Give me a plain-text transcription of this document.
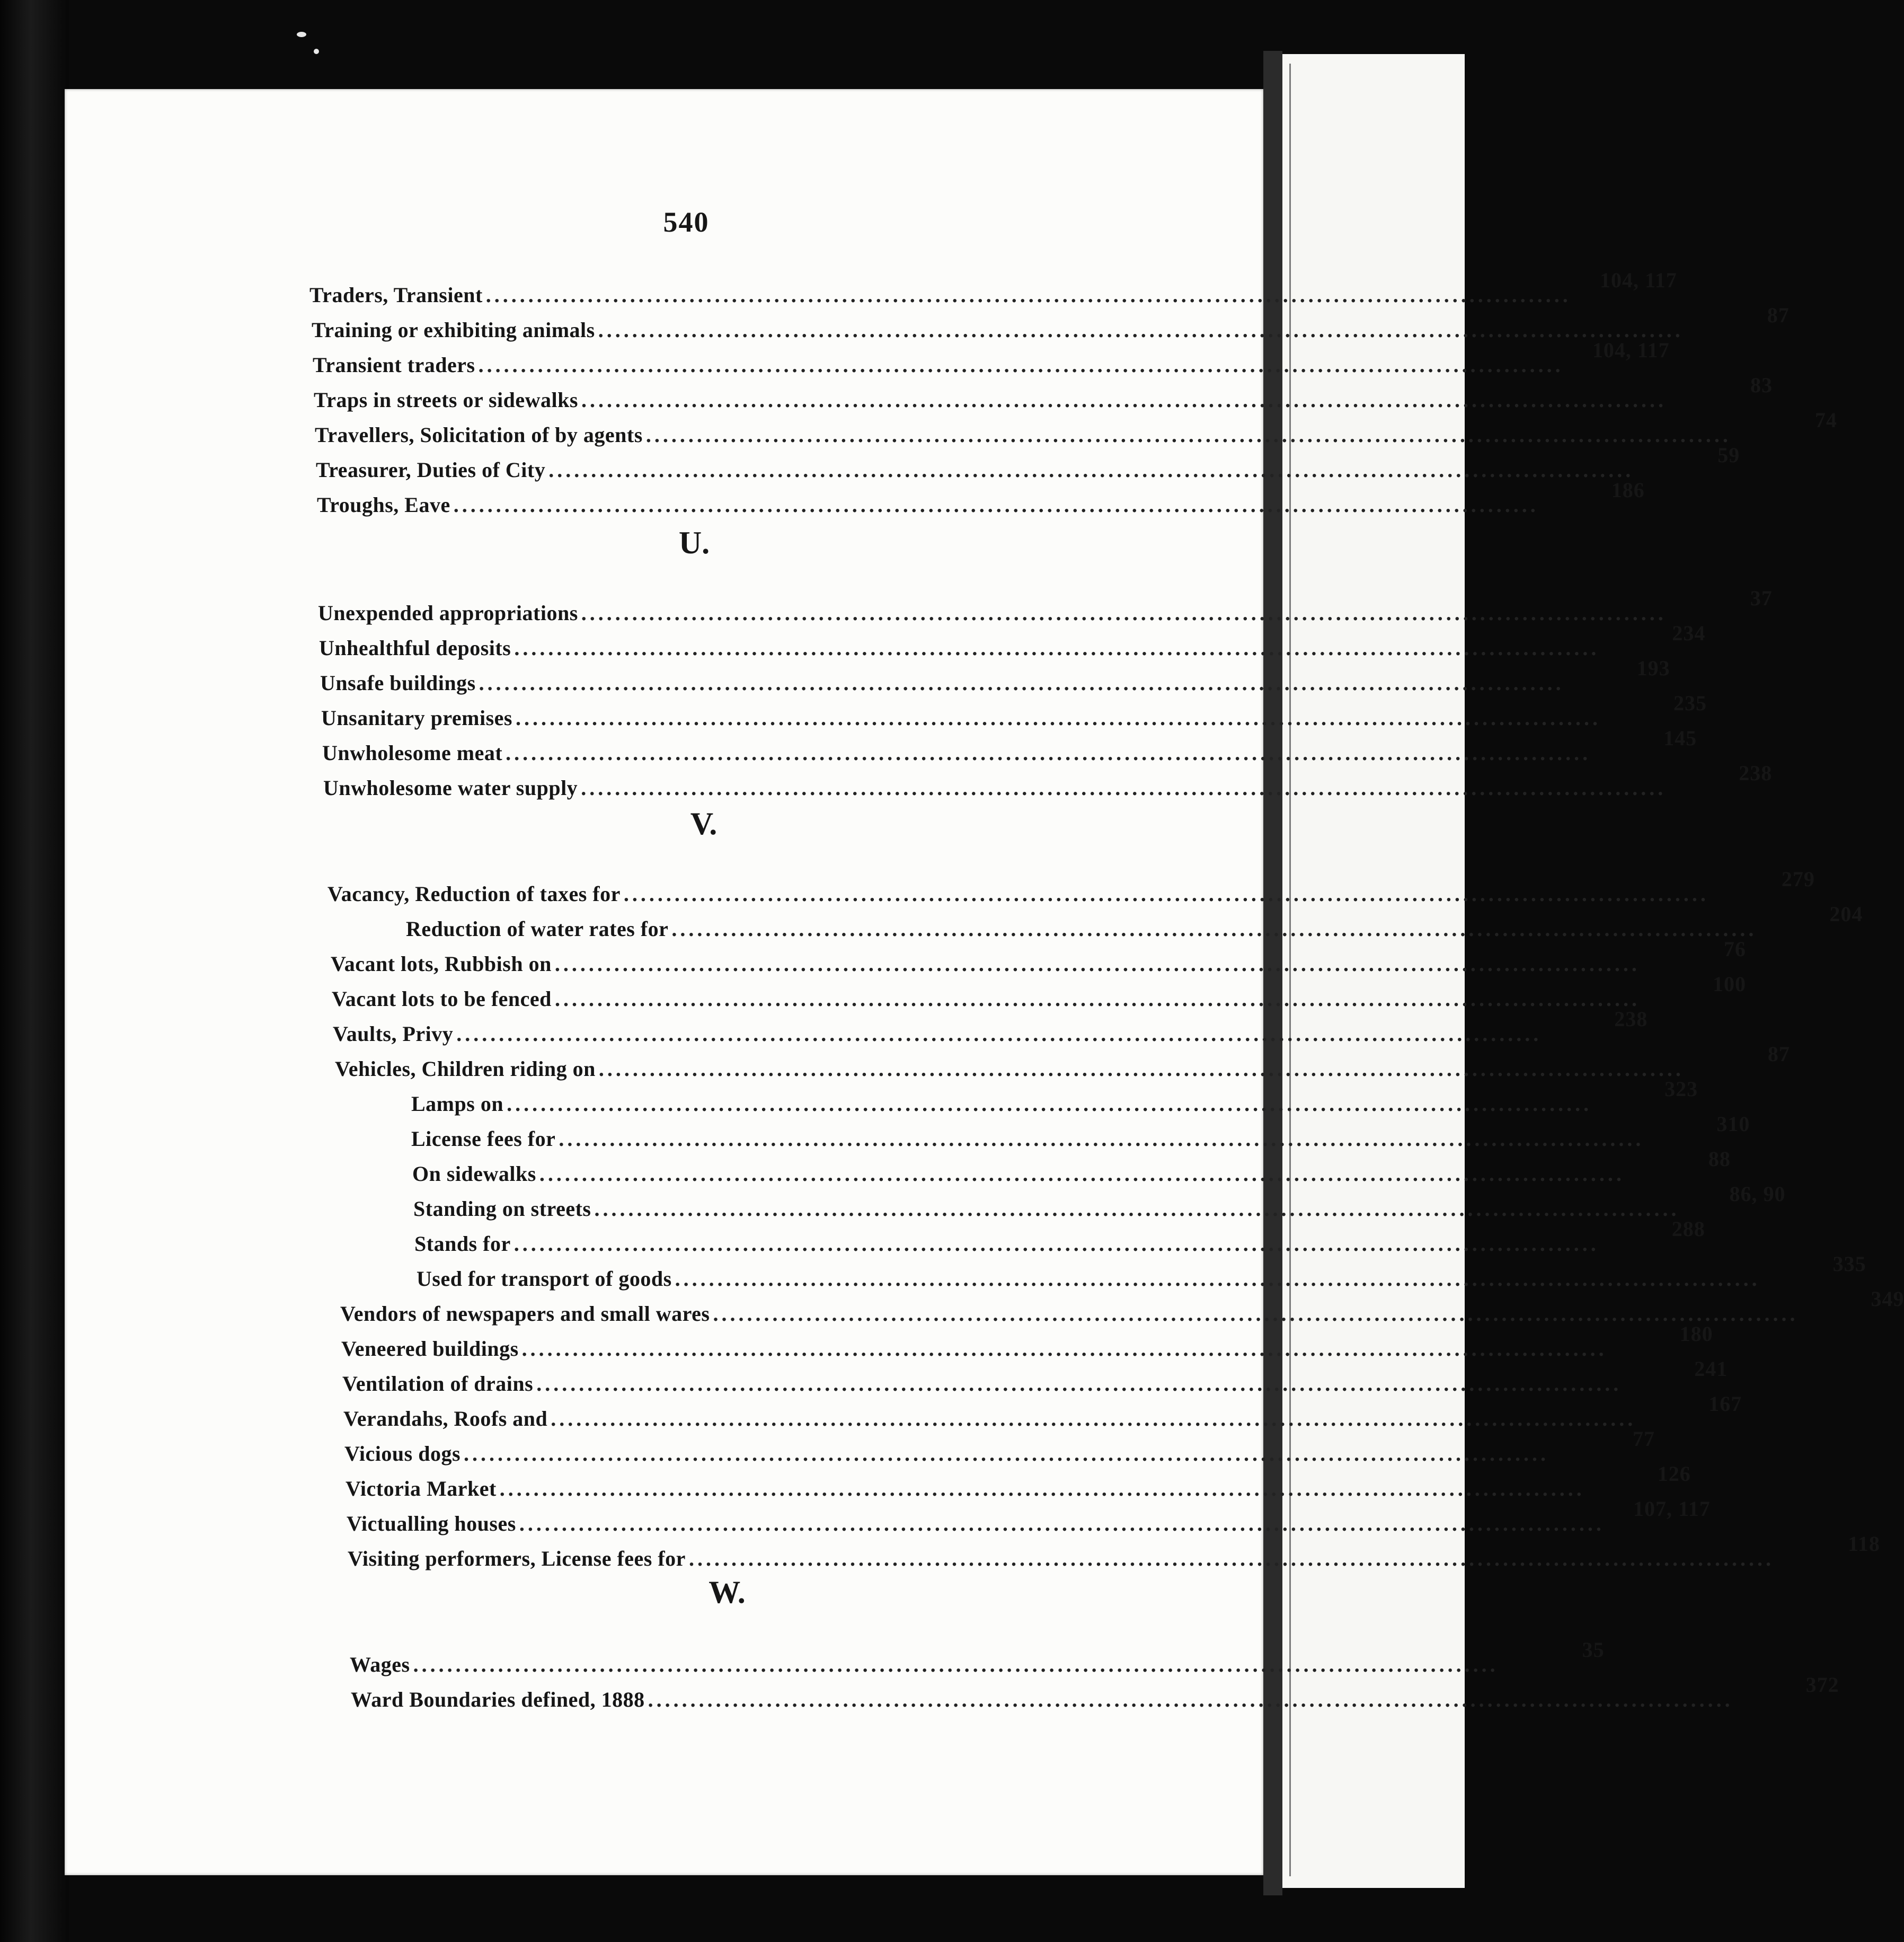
540
Traders, Transient ................................................................................................................................
104, 117
Training or exhibiting animals ................................................................................................................................
87
Transient traders ................................................................................................................................
104, 117
Traps in streets or sidewalks ................................................................................................................................
83
Travellers, Solicitation of by agents ................................................................................................................................
74
Treasurer, Duties of City ................................................................................................................................
59
Troughs, Eave ................................................................................................................................
186
U.
Unexpended appropriations ................................................................................................................................
37
Unhealthful deposits ................................................................................................................................
234
Unsafe buildings ................................................................................................................................
193
Unsanitary premises ................................................................................................................................
235
Unwholesome meat ................................................................................................................................
145
Unwholesome water supply ................................................................................................................................
238
V.
Vacancy, Reduction of taxes for ................................................................................................................................
279
Reduction of water rates for ................................................................................................................................
204
Vacant lots, Rubbish on ................................................................................................................................
76
Vacant lots to be fenced ................................................................................................................................
100
Vaults, Privy ................................................................................................................................
238
Vehicles, Children riding on ................................................................................................................................
87
Lamps on ................................................................................................................................
323
License fees for ................................................................................................................................
310
On sidewalks ................................................................................................................................
88
Standing on streets ................................................................................................................................
86, 90
Stands for ................................................................................................................................
288
Used for transport of goods ................................................................................................................................
335
Vendors of newspapers and small wares ................................................................................................................................
349
Veneered buildings ................................................................................................................................
180
Ventilation of drains ................................................................................................................................
241
Verandahs, Roofs and ................................................................................................................................
167
Vicious dogs ................................................................................................................................
77
Victoria Market ................................................................................................................................
126
Victualling houses ................................................................................................................................
107, 117
Visiting performers, License fees for ................................................................................................................................
118
W.
Wages ................................................................................................................................
35
Ward Boundaries defined, 1888 ................................................................................................................................
372
